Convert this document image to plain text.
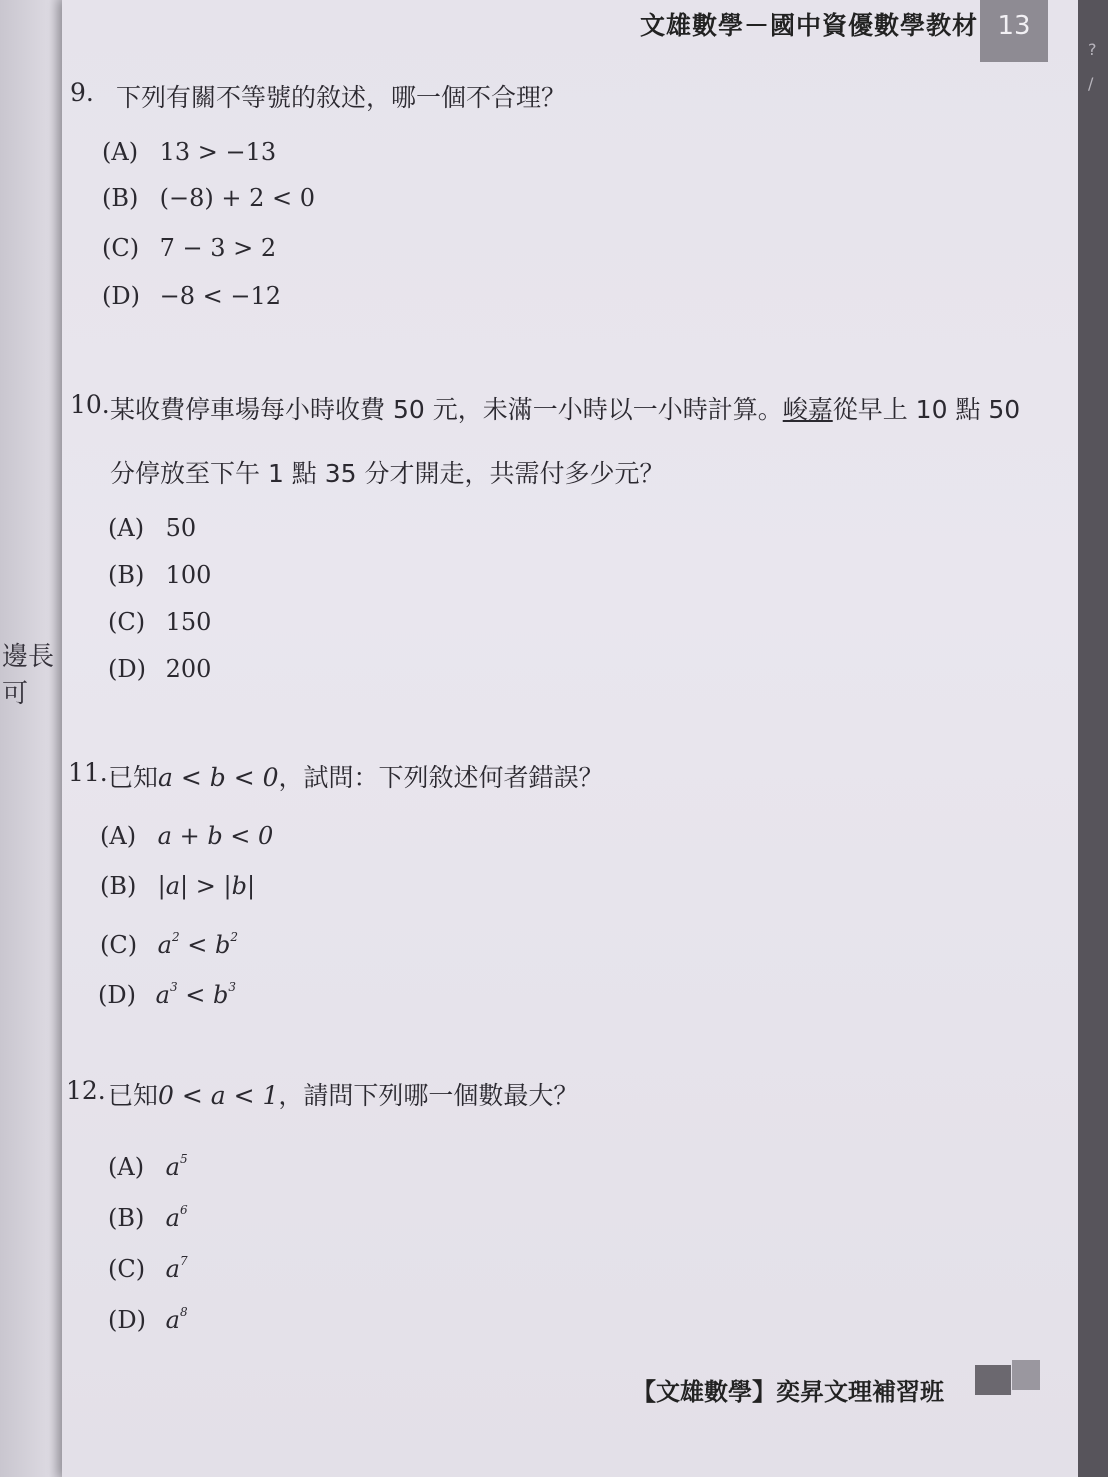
邊長可
文雄數學－國中資優數學教材 13
9. 下列有關不等號的敘述，哪一個不合理？
(A) 13 > −13
(B) (−8) + 2 < 0
(C) 7 − 3 > 2
(D) −8 < −12
10. 某收費停車場每小時收費 50 元，未滿一小時以一小時計算。峻嘉從早上 10 點 50
分停放至下午 1 點 35 分才開走，共需付多少元？
(A) 50
(B) 100
(C) 150
(D) 200
11. 已知a < b < 0，試問：下列敘述何者錯誤？
(A) a + b < 0
(B) |a| > |b|
(C) $a^2 < b^2$
(D) $a^3 < b^3$
12. 已知0 < a < 1，請問下列哪一個數最大？
(A) $a^5$
(B) $a^6$
(C) $a^7$
(D) $a^8$
【文雄數學】奕昇文理補習班
?
/
